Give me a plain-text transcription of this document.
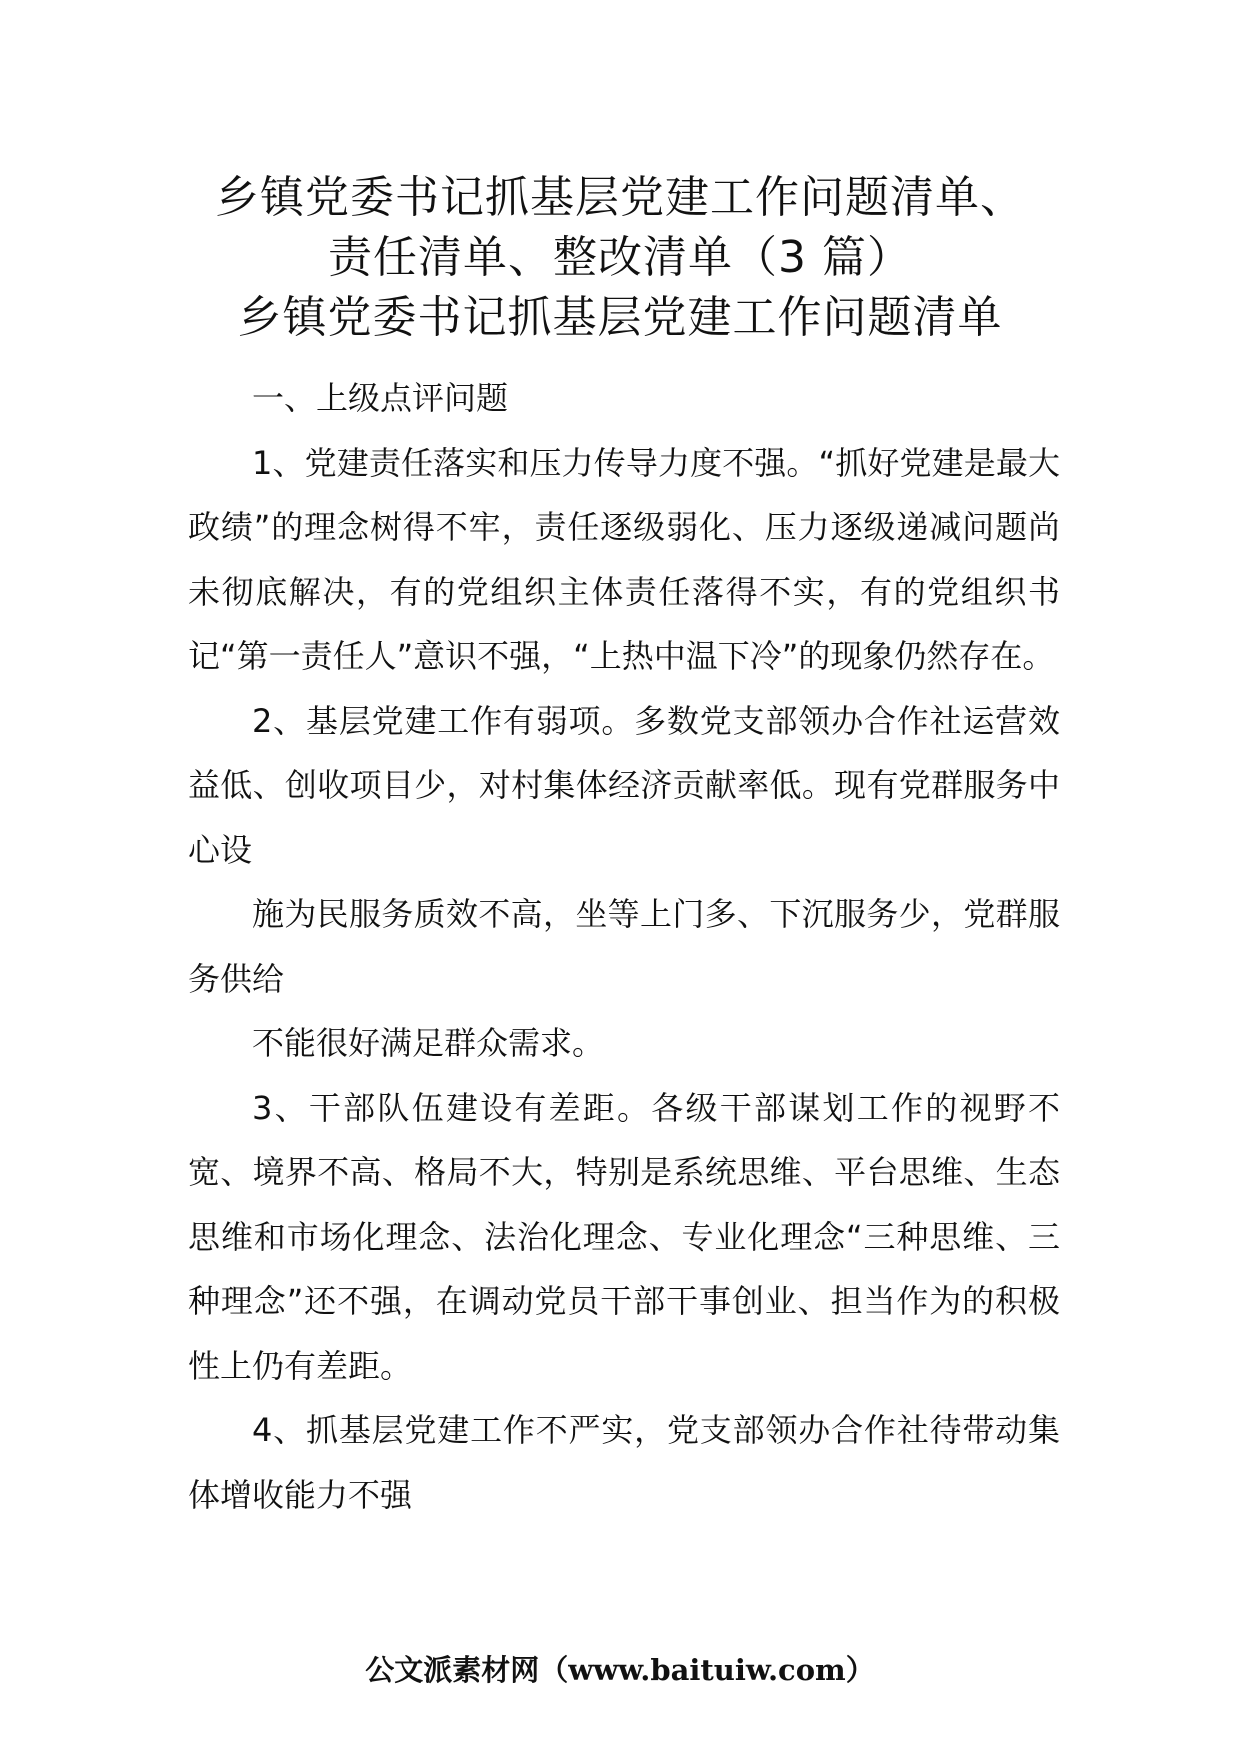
乡镇党委书记抓基层党建工作问题清单、

责任清单、整改清单（3 篇）

乡镇党委书记抓基层党建工作问题清单

一、上级点评问题

1、党建责任落实和压力传导力度不强。“抓好党建是最大政绩”的理念树得不牢，责任逐级弱化、压力逐级递减问题尚未彻底解决，有的党组织主体责任落得不实，有的党组织书记“第一责任人”意识不强，“上热中温下冷”的现象仍然存在。

2、基层党建工作有弱项。多数党支部领办合作社运营效益低、创收项目少，对村集体经济贡献率低。现有党群服务中心设

施为民服务质效不高，坐等上门多、下沉服务少，党群服务供给

不能很好满足群众需求。

3、干部队伍建设有差距。各级干部谋划工作的视野不宽、境界不高、格局不大，特别是系统思维、平台思维、生态思维和市场化理念、法治化理念、专业化理念“三种思维、三种理念”还不强，在调动党员干部干事创业、担当作为的积极性上仍有差距。

4、抓基层党建工作不严实，党支部领办合作社待带动集体增收能力不强

公文派素材网（www.baituiw.com）
